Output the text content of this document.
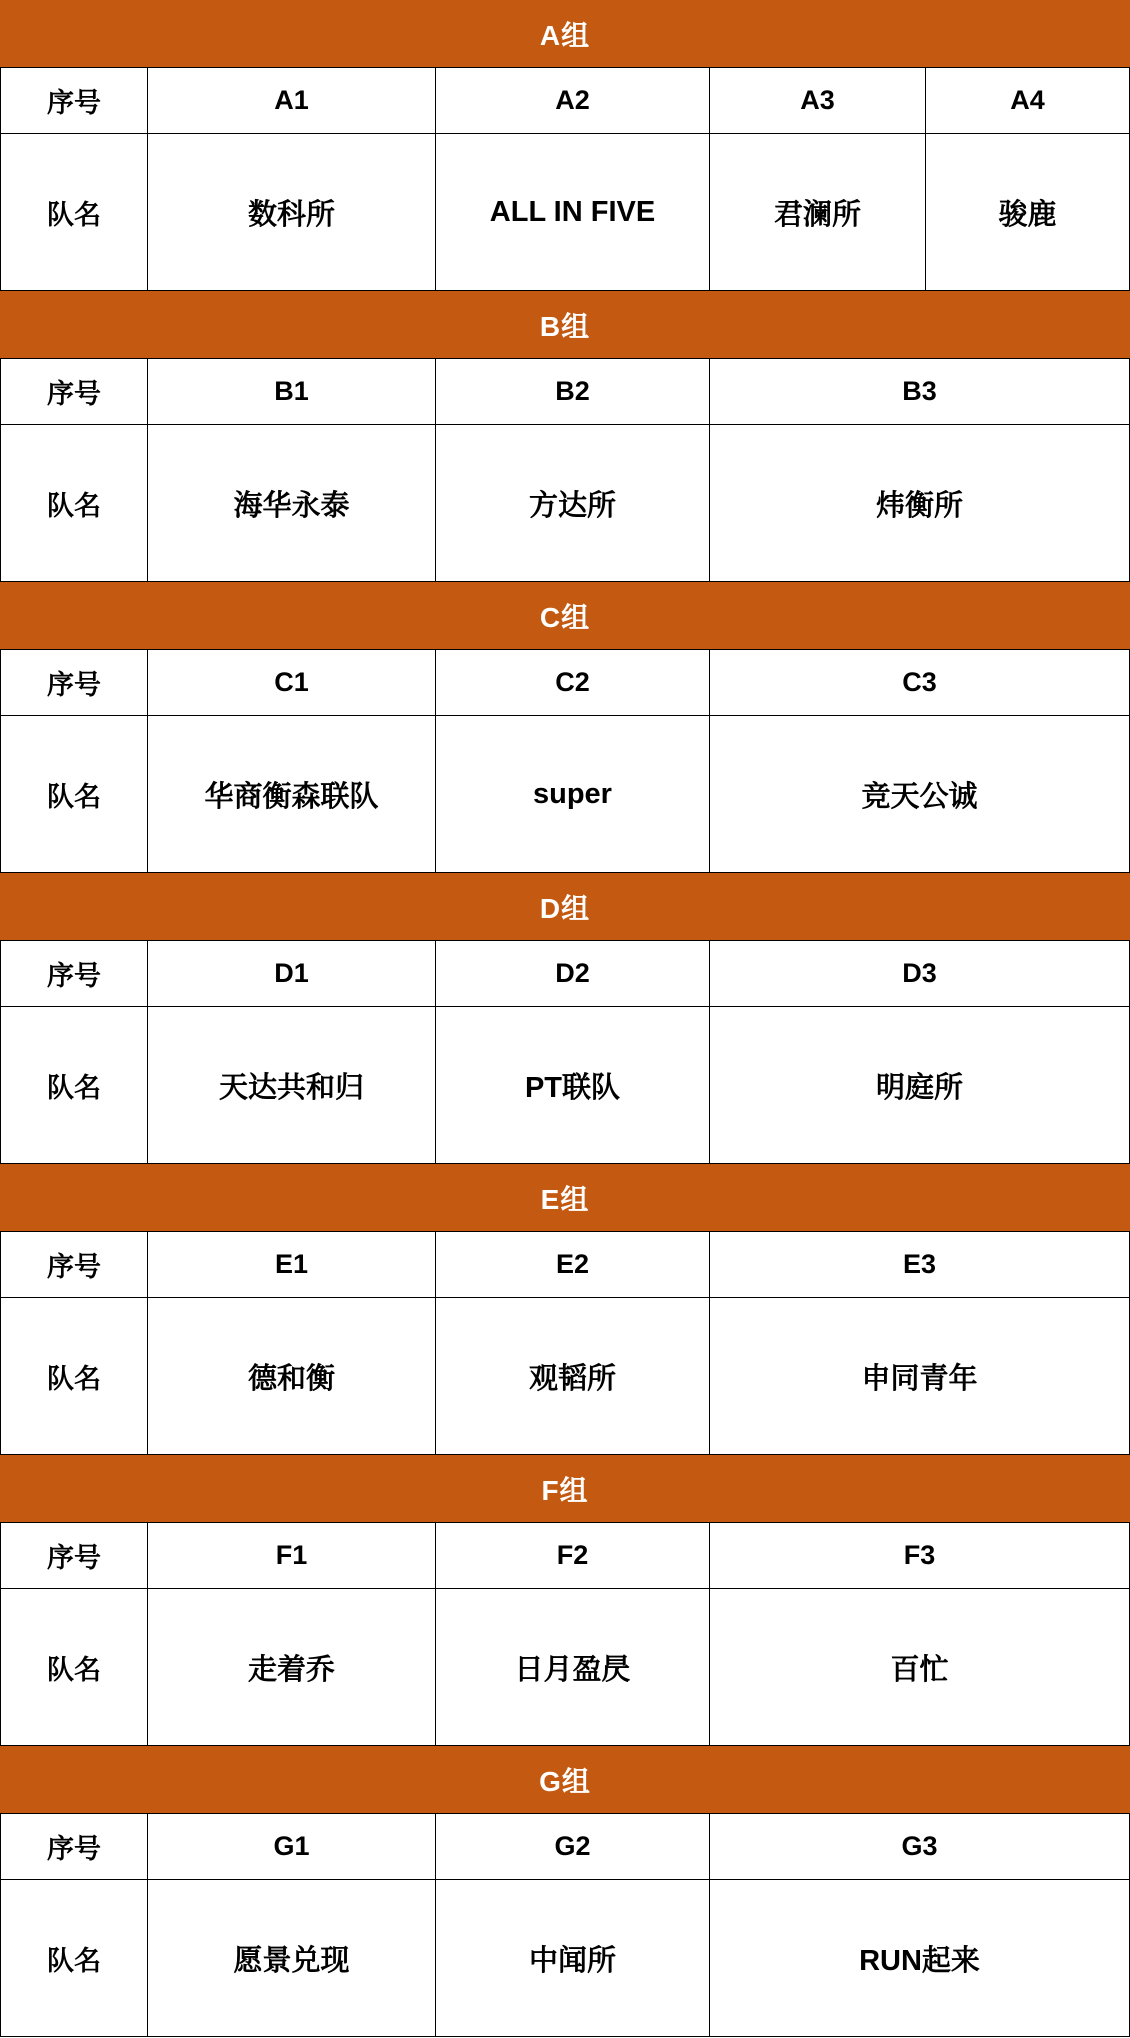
A组
序号	A1	A2	A3	A4
队名	数科所	ALL IN FIVE	君澜所	骏鹿
B组
序号	B1	B2	B3
队名	海华永泰	方达所	炜衡所
C组
序号	C1	C2	C3
队名	华商衡森联队	super	竞天公诚
D组
序号	D1	D2	D3
队名	天达共和归	PT联队	明庭所
E组
序号	E1	E2	E3
队名	德和衡	观韬所	申同青年
F组
序号	F1	F2	F3
队名	走着乔	日月盈昃	百忙
G组
序号	G1	G2	G3
队名	愿景兑现	中闻所	RUN起来
